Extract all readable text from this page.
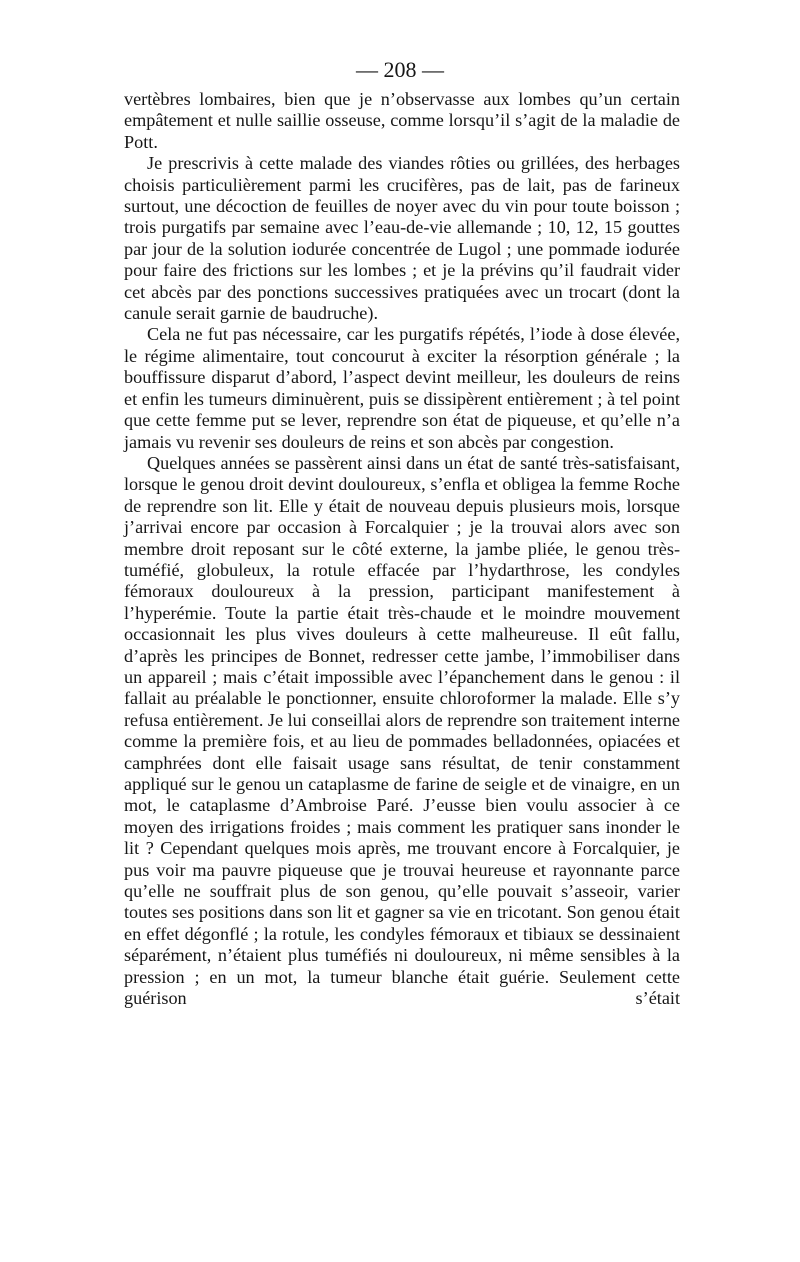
— 208 —

vertèbres lombaires, bien que je n’observasse aux lombes qu’un certain empâtement et nulle saillie osseuse, comme lorsqu’il s’agit de la maladie de Pott.

Je prescrivis à cette malade des viandes rôties ou grillées, des herbages choisis particulièrement parmi les crucifères, pas de lait, pas de farineux surtout, une décoction de feuilles de noyer avec du vin pour toute boisson ; trois purgatifs par semaine avec l’eau-de-vie allemande ; 10, 12, 15 gouttes par jour de la solution iodurée concentrée de Lugol ; une pommade iodurée pour faire des frictions sur les lombes ; et je la prévins qu’il faudrait vider cet abcès par des ponctions successives pratiquées avec un trocart (dont la canule serait garnie de baudruche).

Cela ne fut pas nécessaire, car les purgatifs répétés, l’iode à dose élevée, le régime alimentaire, tout concourut à exciter la résorption générale ; la bouffissure disparut d’abord, l’aspect devint meilleur, les douleurs de reins et enfin les tumeurs diminuèrent, puis se dissipèrent entièrement ; à tel point que cette femme put se lever, reprendre son état de piqueuse, et qu’elle n’a jamais vu revenir ses douleurs de reins et son abcès par congestion.

Quelques années se passèrent ainsi dans un état de santé très-satisfaisant, lorsque le genou droit devint douloureux, s’enfla et obligea la femme Roche de reprendre son lit. Elle y était de nouveau depuis plusieurs mois, lorsque j’arrivai encore par occasion à Forcalquier ; je la trouvai alors avec son membre droit reposant sur le côté externe, la jambe pliée, le genou très-tuméfié, globuleux, la rotule effacée par l’hydarthrose, les condyles fémoraux douloureux à la pression, participant manifestement à l’hyperémie. Toute la partie était très-chaude et le moindre mouvement occasionnait les plus vives douleurs à cette malheureuse. Il eût fallu, d’après les principes de Bonnet, redresser cette jambe, l’immobiliser dans un appareil ; mais c’était impossible avec l’épanchement dans le genou : il fallait au préalable le ponctionner, ensuite chloroformer la malade. Elle s’y refusa entièrement. Je lui conseillai alors de reprendre son traitement interne comme la première fois, et au lieu de pommades belladonnées, opiacées et camphrées dont elle faisait usage sans résultat, de tenir constamment appliqué sur le genou un cataplasme de farine de seigle et de vinaigre, en un mot, le cataplasme d’Ambroise Paré. J’eusse bien voulu associer à ce moyen des irrigations froides ; mais comment les pratiquer sans inonder le lit ? Cependant quelques mois après, me trouvant encore à Forcalquier, je pus voir ma pauvre piqueuse que je trouvai heureuse et rayonnante parce qu’elle ne souffrait plus de son genou, qu’elle pouvait s’asseoir, varier toutes ses positions dans son lit et gagner sa vie en tricotant. Son genou était en effet dégonflé ; la rotule, les condyles fémoraux et tibiaux se dessinaient séparément, n’étaient plus tuméfiés ni douloureux, ni même sensibles à la pression ; en un mot, la tumeur blanche était guérie. Seulement cette guérison s’était
